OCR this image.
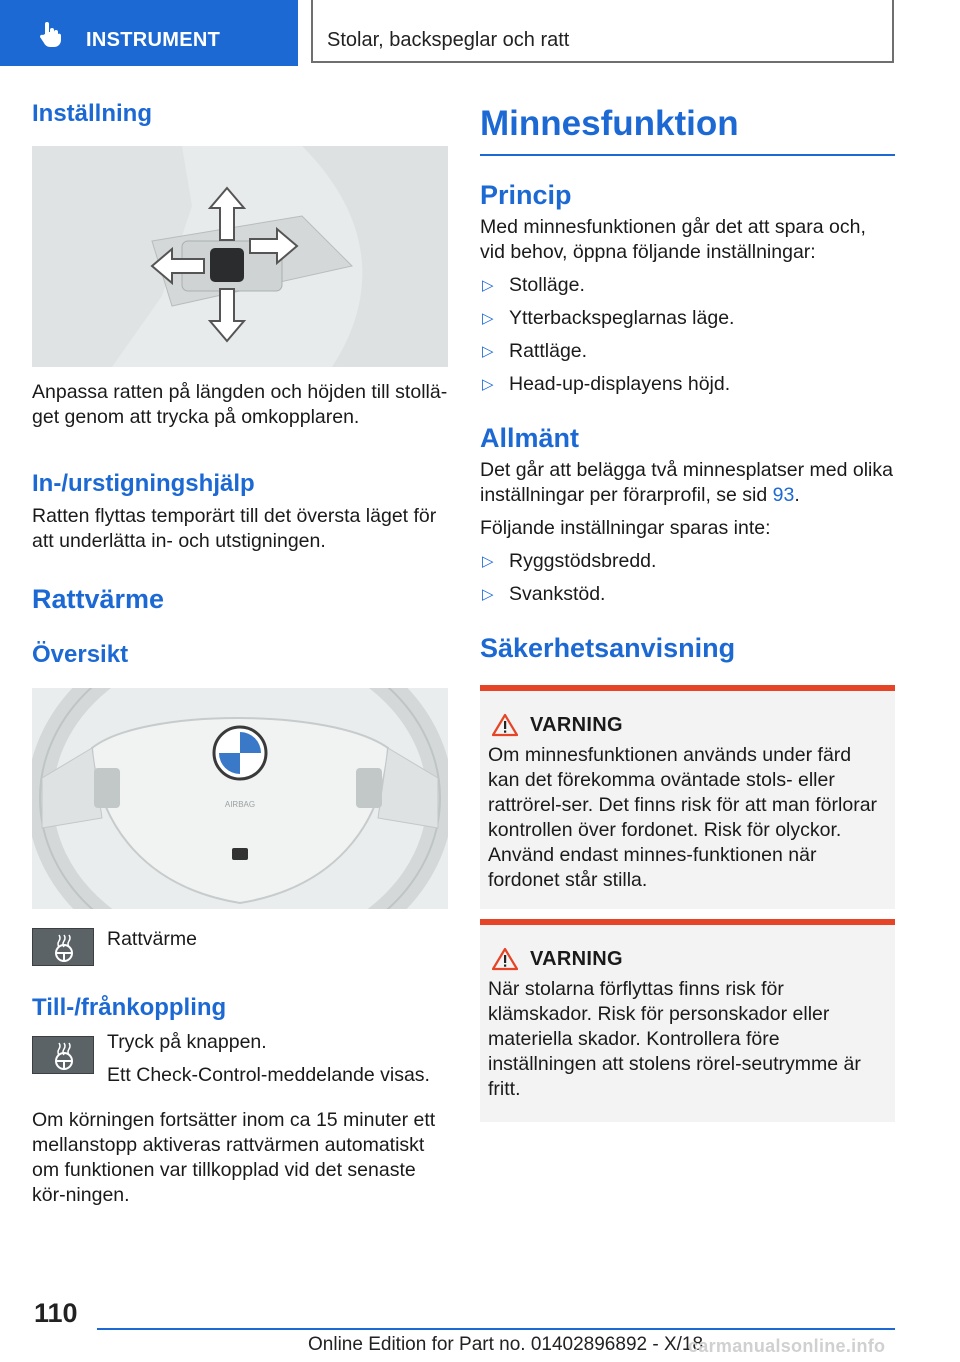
INSTRUMENT	Stolar, backspeglar och ratt
Inställning

Anpassa ratten på längden och höjden till stollä-get genom att trycka på omkopplaren.

In-/urstigningshjälp

Ratten flyttas temporärt till det översta läget för att underlätta in- och utstigningen.

Rattvärme
Översikt
AIRBAG
Rattvärme
Till-/frånkoppling

Tryck på knappen.

Ett Check-Control-meddelande visas.

Om körningen fortsätter inom ca 15 minuter ett mellanstopp aktiveras rattvärmen automatiskt om funktionen var tillkopplad vid det senaste kör-ningen.

Minnesfunktion
Princip

Med minnesfunktionen går det att spara och, vid behov, öppna följande inställningar:

▷ Stolläge.
▷ Ytterbackspeglarnas läge.
▷ Rattläge.
▷ Head-up-displayens höjd.
Allmänt

Det går att belägga två minnesplatser med olika inställningar per förarprofil, se sid 93.

Följande inställningar sparas inte:

▷ Ryggstödsbredd.
▷ Svankstöd.
Säkerhetsanvisning
VARNING

Om minnesfunktionen används under färd kan det förekomma oväntade stols- eller rattrörel-ser. Det finns risk för att man förlorar kontrollen över fordonet. Risk för olyckor. Använd endast minnes-funktionen när fordonet står stilla.

VARNING

När stolarna förflyttas finns risk för klämskador. Risk för personskador eller materiella skador. Kontrollera före inställningen att stolens rörel-seutrymme är fritt.

110
Online Edition for Part no. 01402896892 - X/18
carmanualsonline.info
